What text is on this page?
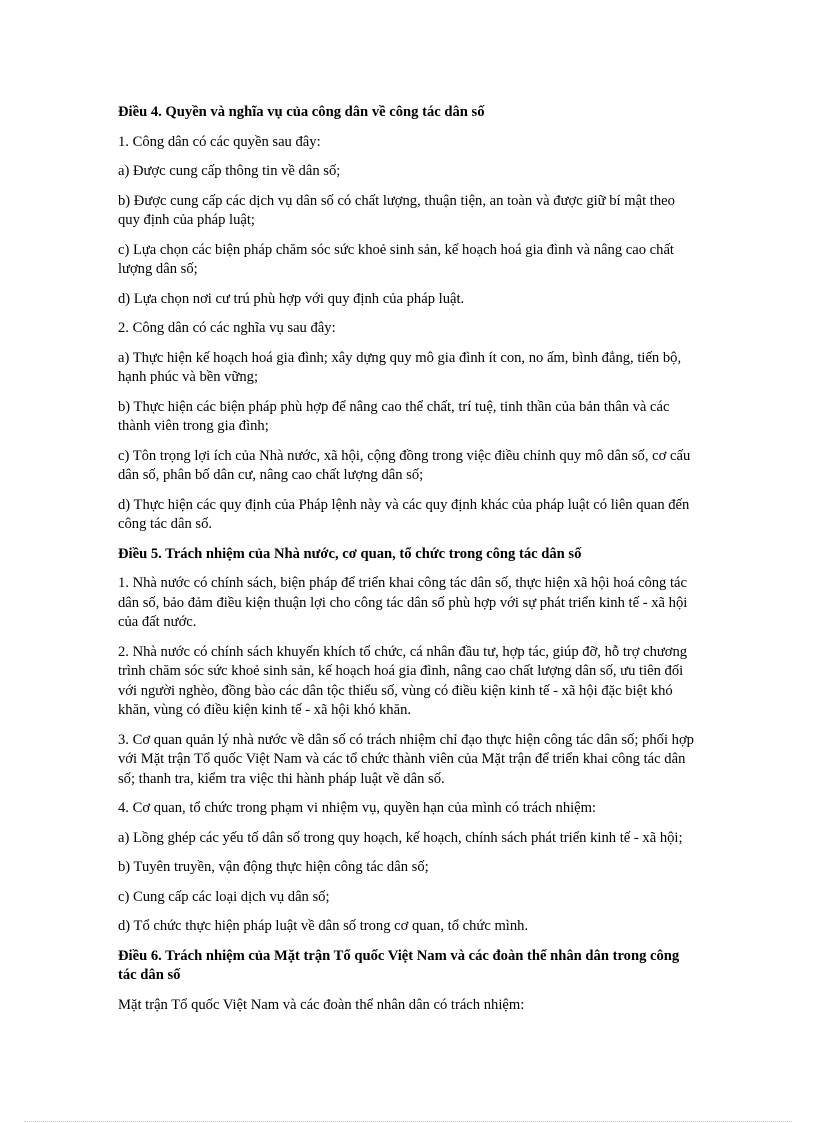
Điều 4. Quyền và nghĩa vụ của công dân về công tác dân số

1. Công dân có các quyền sau đây:

a) Được cung cấp thông tin về dân số;

b) Được cung cấp các dịch vụ dân số có chất lượng, thuận tiện, an toàn và được giữ bí mật theo quy định của pháp luật;

c) Lựa chọn các biện pháp chăm sóc sức khoẻ sinh sản, kế hoạch hoá gia đình và nâng cao chất lượng dân số;

d) Lựa chọn nơi cư trú phù hợp với quy định của pháp luật.

2. Công dân có các nghĩa vụ sau đây:

a) Thực hiện kế hoạch hoá gia đình; xây dựng quy mô gia đình ít con, no ấm, bình đẳng, tiến bộ, hạnh phúc và bền vững;

b) Thực hiện các biện pháp phù hợp để nâng cao thể chất, trí tuệ, tinh thần của bản thân và các thành viên trong gia đình;

c) Tôn trọng lợi ích của Nhà nước, xã hội, cộng đồng trong việc điều chỉnh quy mô dân số, cơ cấu dân số, phân bố dân cư, nâng cao chất lượng dân số;

d) Thực hiện các quy định của Pháp lệnh này và các quy định khác của pháp luật có liên quan đến công tác dân số.

Điều 5. Trách nhiệm của Nhà nước, cơ quan, tổ chức trong công tác dân số

1. Nhà nước có chính sách, biện pháp để triển khai công tác dân số, thực hiện xã hội hoá công tác dân số, bảo đảm điều kiện thuận lợi cho công tác dân số phù hợp với sự phát triển kinh tế - xã hội của đất nước.

2. Nhà nước có chính sách khuyến khích tổ chức, cá nhân đầu tư, hợp tác, giúp đỡ, hỗ trợ chương trình chăm sóc sức khoẻ sinh sản, kế hoạch hoá gia đình, nâng cao chất lượng dân số, ưu tiên đối với người nghèo, đồng bào các dân tộc thiểu số, vùng có điều kiện kinh tế - xã hội đặc biệt khó khăn, vùng có điều kiện kinh tế - xã hội khó khăn.

3. Cơ quan quản lý nhà nước về dân số có trách nhiệm chỉ đạo thực hiện công tác dân số; phối hợp với Mặt trận Tổ quốc Việt Nam và các tổ chức thành viên của Mặt trận để triển khai công tác dân số; thanh tra, kiểm tra việc thi hành pháp luật về dân số.

4. Cơ quan, tổ chức trong phạm vi nhiệm vụ, quyền hạn của mình có trách nhiệm:

a) Lồng ghép các yếu tố dân số trong quy hoạch, kế hoạch, chính sách phát triển kinh tế - xã hội;

b) Tuyên truyền, vận động thực hiện công tác dân số;

c) Cung cấp các loại dịch vụ dân số;

d) Tổ chức thực hiện pháp luật về dân số trong cơ quan, tổ chức mình.

Điều 6. Trách nhiệm của Mặt trận Tổ quốc Việt Nam và các đoàn thể nhân dân trong công tác dân số

Mặt trận Tổ quốc Việt Nam và các đoàn thể nhân dân có trách nhiệm:
